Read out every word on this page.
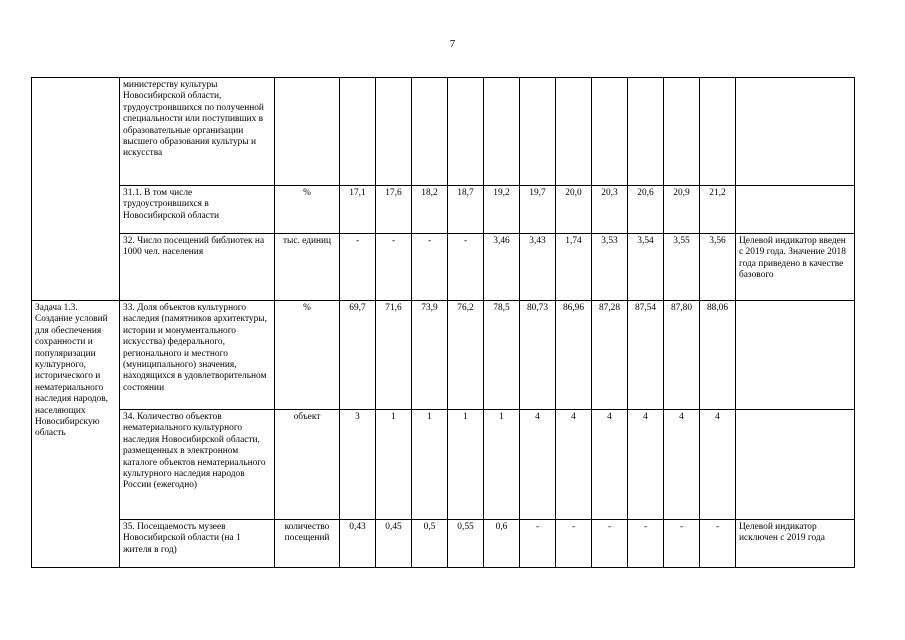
7
	министерству культуры Новосибирской области, трудоустроившихся по полученной специальности или поступивших в образовательные организации высшего образования культуры и искусства													
	31.1. В том числе трудоустроившихся в Новосибирской области	%	17,1	17,6	18,2	18,7	19,2	19,7	20,0	20,3	20,6	20,9	21,2	
	32. Число посещений библиотек на 1000 чел. населения	тыс. единиц	-	-	-	-	3,46	3,43	1,74	3,53	3,54	3,55	3,56	Целевой индикатор введен с 2019 года. Значение 2018 года приведено в качестве базового
Задача 1.3. Создание условий для обеспечения сохранности и популяризации культурного, исторического и нематериального наследия народов, населяющих Новосибирскую область	33. Доля объектов культурного наследия (памятников архитектуры, истории и монументального искусства) федерального, регионального и местного (муниципального) значения, находящихся в удовлетворительном состоянии	%	69,7	71,6	73,9	76,2	78,5	80,73	86,96	87,28	87,54	87,80	88,06	
	34. Количество объектов нематериального культурного наследия Новосибирской области, размещенных в электронном каталоге объектов нематериального культурного наследия народов России (ежегодно)	объект	3	1	1	1	1	4	4	4	4	4	4	
	35. Посещаемость музеев Новосибирской области (на 1 жителя в год)	количество посещений	0,43	0,45	0,5	0,55	0,6	-	-	-	-	-	-	Целевой индикатор исключен с 2019 года
